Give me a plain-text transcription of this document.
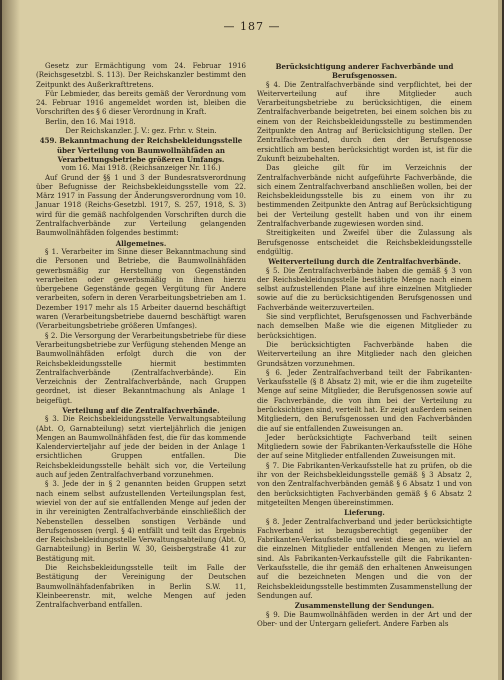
— 187 —

Gesetz zur Ermächtigung vom 24. Februar 1916 (Reichsgesetzbl. S. 113). Der Reichskanzler bestimmt den Zeitpunkt des Außerkrafttretens.

Für Lebmieder, das bereits gemäß der Verordnung vom 24. Februar 1916 angemeldet worden ist, bleiben die Vorschriften des § 6 dieser Verordnung in Kraft.

Berlin, den 16. Mai 1918.

Der Reichskanzler. J. V.: gez. Frhr. v. Stein.

459. Bekanntmachung der Reichsbekleidungsstelle über Verteilung von Baumwollnähfäden an Verarbeitungsbetriebe größeren Umfangs.

vom 16. Mai 1918. (Reichsanzeiger Nr. 116.)

Auf Grund der §§ 1 und 3 der Bundesratsverordnung über Befugnisse der Reichsbekleidungsstelle vom 22. März 1917 in Fassung der Änderungsverordnung vom 10. Januar 1918 (Reichs-Gesetzbl. 1917, S. 257, 1918, S. 3) wird für die gemäß nachfolgenden Vorschriften durch die Zentralfachverbände zur Verteilung gelangenden Baumwollnähfäden folgendes bestimmt:

Allgemeines.

§ 1. Verarbeiter im Sinne dieser Bekanntmachung sind die Personen und Betriebe, die Baumwollnähfäden gewerbsmäßig zur Herstellung von Gegenständen verarbeiten oder gewerbsmäßig in ihnen hierzu übergebene Gegenstände gegen Vergütung für Andere verarbeiten, sofern in deren Verarbeitungsbetrieben am 1. Dezember 1917 mehr als 15 Arbeiter dauernd beschäftigt waren (Verarbeitungsbetriebe dauernd beschäftigt waren (Verarbeitungsbetriebe größeren Umfanges).

§ 2. Die Versorgung der Verarbeitungsbetriebe für diese Verarbeitungsbetriebe zur Verfügung stehenden Menge an Baumwollnähfäden erfolgt durch die von der Reichsbekleidungsstelle hiermit bestimmten Zentralfachverbände (Zentralfachverbände). Ein Verzeichnis der Zentralfachverbände, nach Gruppen geordnet, ist dieser Bekanntmachung als Anlage 1 beigefügt.

Verteilung auf die Zentralfachverbände.

§ 3. Die Reichsbekleidungsstelle Verwaltungsabteilung (Abt. O, Garnabteilung) setzt vierteljährlich die jenigen Mengen an Baumwollnähfäden fest, die für das kommende Kalendervierteljahr auf jede der beiden in der Anlage 1 ersichtlichen Gruppen entfallen. Die Reichsbekleidungsstelle behält sich vor, die Verteilung auch auf jeden Zentralfachverband vorzunehmen.

§ 3. Jede der in § 2 genannten beiden Gruppen setzt nach einem selbst aufzustellenden Verteilungsplan fest, wieviel von der auf sie entfallenden Menge auf jeden der in ihr vereinigten Zentralfachverbände einschließlich der Nebenstellen desselben sonstigen Verbände und Berufsgenossen (vergl. § 4) entfällt und teilt das Ergebnis der Reichsbekleidungsstelle Verwaltungsabteilung (Abt. O, Garnabteilung) in Berlin W. 30, Geisbergstraße 41 zur Bestätigung mit.

Die Reichsbekleidungsstelle teilt im Falle der Bestätigung der Vereinigung der Deutschen Baumwollnähfadenfabriken in Berlin S.W. 11, Kleinbeerenstr. mit, welche Mengen auf jeden Zentralfachverband entfallen.

Berücksichtigung anderer Fachverbände und Berufsgenossen.

§ 4. Die Zentralfachverbände sind verpflichtet, bei der Weiterverteilung auf ihre Mitglieder auch Verarbeitungsbetriebe zu berücksichtigen, die einem Zentralfachverbande beigetreten, bei einem solchen bis zu einem von der Reichsbekleidungsstelle zu bestimmenden Zeitpunkte den Antrag auf Berücksichtigung stellen. Der Zentralfachverband, durch den der Berufsgenosse ersichtlich am besten berücksichtigt worden ist, ist für die Zukunft beizubehalten.

Das gleiche gilt für im Verzeichnis der Zentralfachverbände nicht aufgeführte Fachverbände, die sich einem Zentralfachverband anschließen wollen, bei der Reichsbekleidungsstelle bis zu einem von ihr zu bestimmenden Zeitpunkte den Antrag auf Berücksichtigung bei der Verteilung gestellt haben und von ihr einem Zentralfachverbande zugewiesen worden sind.

Streitigkeiten und Zweifel über die Zulassung als Berufsgenosse entscheidet die Reichsbekleidungsstelle endgültig.

Weiterverteilung durch die Zentralfachverbände.

§ 5. Die Zentralfachverbände haben die gemäß § 3 von der Reichsbekleidungsstelle bestätigte Menge nach einem selbst aufzustellenden Plane auf ihre einzelnen Mitglieder sowie auf die zu berücksichtigenden Berufsgenossen und Fachverbände weiterzuverteilen.

Sie sind verpflichtet, Berufsgenossen und Fachverbände nach demselben Maße wie die eigenen Mitglieder zu berücksichtigen.

Die berücksichtigten Fachverbände haben die Weiterverteilung an ihre Mitglieder nach den gleichen Grundsätzen vorzunehmen.

§ 6. Jeder Zentralfachverband teilt der Fabrikanten-Verkaufsstelle (§ 8 Absatz 2) mit, wie er die ihm zugeteilte Menge auf seine Mitglieder, die Berufsgenossen sowie auf die Fachverbände, die von ihm bei der Verteilung zu berücksichtigen sind, verteilt hat. Er zeigt außerdem seinen Mitgliedern, den Berufsgenossen und den Fachverbänden die auf sie entfallenden Zuweisungen an.

Jeder berücksichtigte Fachverband teilt seinen Mitgliedern sowie der Fabrikanten-Verkaufsstelle die Höhe der auf seine Mitglieder entfallenden Zuweisungen mit.

§ 7. Die Fabrikanten-Verkaufsstelle hat zu prüfen, ob die ihr von der Reichsbekleidungsstelle gemäß § 3 Absatz 2, von den Zentralfachverbänden gemäß § 6 Absatz 1 und von den berücksichtigten Fachverbänden gemäß § 6 Absatz 2 mitgeteilten Mengen übereinstimmen.

Lieferung.

§ 8. Jeder Zentralfachverband und jeder berücksichtigte Fachverband ist bezugsberechtigt gegenüber der Fabrikanten-Verkaufsstelle und weist diese an, wieviel an die einzelnen Mitglieder entfallenden Mengen zu liefern sind. Als Fabrikanten-Verkaufsstelle gilt die Fabrikanten-Verkaufsstelle, die ihr gemäß den erhaltenen Anweisungen auf die bezeichneten Mengen und die von der Reichsbekleidungsstelle bestimmten Zusammenstellung der Sendungen auf.

Zusammenstellung der Sendungen.

§ 9. Die Baumwollnähfäden werden in der Art und der Ober- und der Untergarn geliefert. Andere Farben als
